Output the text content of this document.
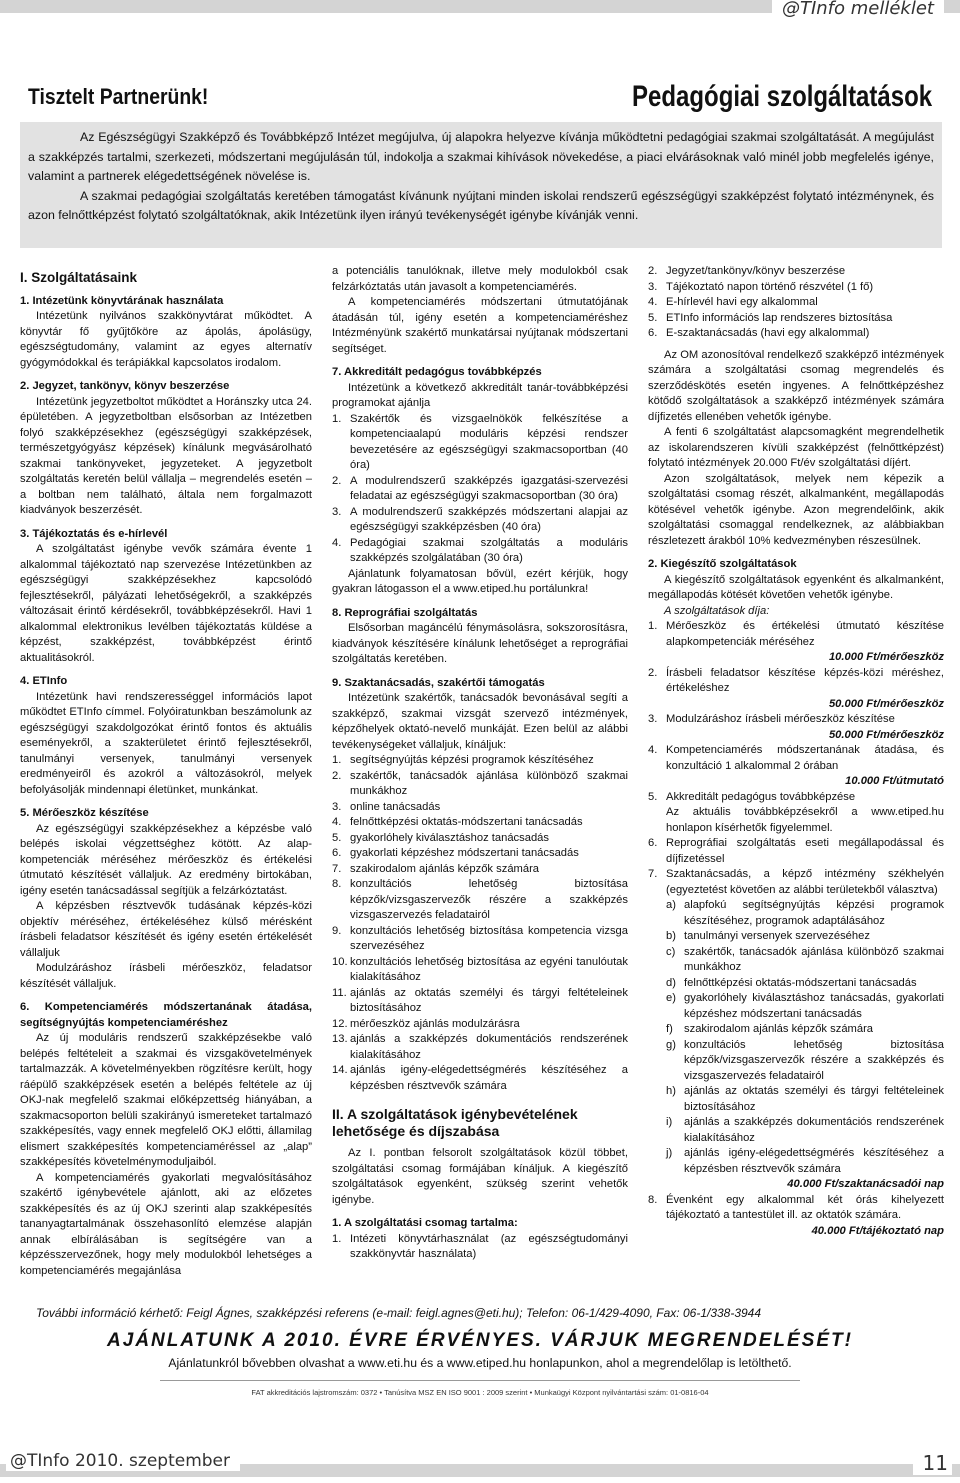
@TInfo melléklet
Tisztelt Partnerünk!	Pedagógiai szolgáltatások

Az Egészségügyi Szakképző és Továbbképző Intézet megújulva, új alapokra helyezve kívánja működtetni pedagógiai szakmai szolgáltatását. A megújulást a szakképzés tartalmi, szerkezeti, módszertani megújulásán túl, indokolja a szakmai kihívások növekedése, a piaci elvárásoknak való minél jobb megfelelés igénye, valamint a partnerek elégedettségének növelése is.

A szakmai pedagógiai szolgáltatás keretében támogatást kívánunk nyújtani minden iskolai rendszerű egészségügyi szakképzést folytató intézménynek, és azon felnőttképzést folytató szolgáltatóknak, akik Intézetünk ilyen irányú tevékenységét igénybe kívánják venni.

I. Szolgáltatásaink

1. Intézetünk könyvtárának használata

Intézetünk nyilvános szakkönyvtárat működtet. A könyvtár fő gyűjtőköre az ápolás, ápolásügy, egészségtudomány, valamint az egyes alternatív gyógymódokkal és terápiákkal kapcsolatos irodalom.

2. Jegyzet, tankönyv, könyv beszerzése

Intézetünk jegyzetboltot működtet a Horánszky utca 24. épületében. A jegyzetboltban elsősorban az Intézetben folyó szakképzésekhez (egészségügyi szakképzések, természetgyógyász képzések) kínálunk megvásárolható szakmai tankönyveket, jegyzeteket. A jegyzetbolt szolgáltatás keretén belül vállalja – megrendelés esetén – a boltban nem található, általa nem forgalmazott kiadványok beszerzését.

3. Tájékoztatás és e-hírlevél

A szolgáltatást igénybe vevők számára évente 1 alkalommal tájékoztató nap szervezése Intézetünkben az egészségügyi szakképzésekhez kapcsolódó fejlesztésekről, pályázati lehetőségekről, a szakképzés változásait érintő kérdésekről, továbbképzésekről. Havi 1 alkalommal elektronikus levélben tájékoztatás küldése a képzést, szakképzést, továbbképzést érintő aktualitásokról.

4. ETInfo

Intézetünk havi rendszerességgel információs lapot működtet ETInfo címmel. Folyóiratunkban beszámolunk az egészségügyi szakdolgozókat érintő fontos és aktuális eseményekről, a szakterületet érintő fejlesztésekről, tanulmányi versenyek, tanulmányi versenyek eredményeiről és azokról a változásokról, melyek befolyásolják mindennapi életünket, munkánkat.

5. Mérőeszköz készítése

Az egészségügyi szakképzésekhez a képzésbe való belépés iskolai végzettséghez kötött. Az alap-kompetenciák méréséhez mérőeszköz és értékelési útmutató készítését vállaljuk. Az eredmény birtokában, igény esetén tanácsadással segítjük a felzárkóztatást.

A képzésben résztvevők tudásának képzés-közi objektív méréséhez, értékeléséhez külső mérésként írásbeli feladatsor készítését és igény esetén értékelését vállaljuk

Modulzáráshoz írásbeli mérőeszköz, feladatsor készítését vállaljuk.

6. Kompetenciamérés módszertanának átadása, segítségnyújtás kompetenciaméréshez

Az új moduláris rendszerű szakképzésekbe való belépés feltételeit a szakmai és vizsgakövetelmények tartalmazzák. A követelményekben rögzítésre került, hogy ráépülő szakképzések esetén a belépés feltétele az új OKJ-nak megfelelő szakmai előképzettség hiányában, a szakmacsoporton belüli szakirányú ismereteket tartalmazó szakképesítés, vagy ennek megfelelő OKJ előtti, államilag elismert szakképesítés kompetenciaméréssel az „alap” szakképesítés követelménymoduljaiból.

A kompetenciamérés gyakorlati megvalósításához szakértő igénybevétele ajánlott, aki az előzetes szakképesítés és az új OKJ szerinti alap szakképesítés tananyagtartalmának összehasonlító elemzése alapján annak elbírálásában is segítségére van a képzésszervezőnek, hogy mely modulokból lehetséges a kompetenciamérés megajánlása

a potenciális tanulóknak, illetve mely modulokból csak felzárkóztatás után javasolt a kompetenciamérés.

A kompetenciamérés módszertani útmutatójának átadásán túl, igény esetén a kompetenciaméréshez Intézményünk szakértő munkatársai nyújtanak módszertani segítséget.

7. Akkreditált pedagógus továbbképzés

Intézetünk a következő akkreditált tanár-továbbképzési programokat ajánlja

1. Szakértők és vizsgaelnökök felkészítése a kompetenciaalapú moduláris képzési rendszer bevezetésére az egészségügyi szakmacsoportban (40 óra)
2. A modulrendszerű szakképzés igazgatási-szervezési feladatai az egészségügyi szakmacsoportban (30 óra)
3. A modulrendszerű szakképzés módszertani alapjai az egészségügyi szakképzésben (40 óra)
4. Pedagógiai szakmai szolgáltatás a moduláris szakképzés szolgálatában (30 óra)

Ajánlatunk folyamatosan bővül, ezért kérjük, hogy gyakran látogasson el a www.etiped.hu portálunkra!

8. Reprográfiai szolgáltatás

Elsősorban magáncélú fénymásolásra, sokszorosításra, kiadványok készítésére kínálunk lehetőséget a reprográfiai szolgáltatás keretében.

9. Szaktanácsadás, szakértői támogatás

Intézetünk szakértők, tanácsadók bevonásával segíti a szakképző, szakmai vizsgát szervező intézmények, képzőhelyek oktató-nevelő munkáját. Ezen belül az alábbi tevékenységeket vállaljuk, kínáljuk:

1. segítségnyújtás képzési programok készítéséhez
2. szakértők, tanácsadók ajánlása különböző szakmai munkákhoz
3. online tanácsadás
4. felnőttképzési oktatás-módszertani tanácsadás
5. gyakorlóhely kiválasztáshoz tanácsadás
6. gyakorlati képzéshez módszertani tanácsadás
7. szakirodalom ajánlás képzők számára
8. konzultációs lehetőség biztosítása képzők/vizsgaszervezők részére a szakképzés vizsgaszervezés feladatairól
9. konzultációs lehetőség biztosítása kompetencia vizsga szervezéséhez
10. konzultációs lehetőség biztosítása az egyéni tanulóutak kialakításához
11. ajánlás az oktatás személyi és tárgyi feltételeinek biztosításához
12. mérőeszköz ajánlás modulzárásra
13. ajánlás a szakképzés dokumentációs rendszerének kialakításához
14. ajánlás igény-elégedettségmérés készítéséhez a képzésben résztvevők számára

II. A szolgáltatások igénybevételének lehetősége és díjszabása

Az I. pontban felsorolt szolgáltatások közül többet, szolgáltatási csomag formájában kínáljuk. A kiegészítő szolgáltatások egyenként, szükség szerint vehetők igénybe.

1. A szolgáltatási csomag tartalma:

1. Intézeti könyvtárhasználat (az egészségtudományi szakkönyvtár használata)
2. Jegyzet/tankönyv/könyv beszerzése
3. Tájékoztató napon történő részvétel (1 fő)
4. E-hírlevél havi egy alkalommal
5. ETInfo információs lap rendszeres biztosítása
6. E-szaktanácsadás (havi egy alkalommal)

Az OM azonosítóval rendelkező szakképző intézmények számára a szolgáltatási csomag megrendelés és szerződéskötés esetén ingyenes. A felnőttképzéshez kötődő szolgáltatások a szakképző intézmények számára díjfizetés ellenében vehetők igénybe.

A fenti 6 szolgáltatást alapcsomagként megrendelhetik az iskolarendszeren kívüli szakképzést (felnőttképzést) folytató intézmények 20.000 Ft/év szolgáltatási díjért.

Azon szolgáltatások, melyek nem képezik a szolgáltatási csomag részét, alkalmanként, megállapodás kötésével vehetők igénybe. Azon megrendelőink, akik szolgáltatási csomaggal rendelkeznek, az alábbiakban részletezett árakból 10% kedvezményben részesülnek.

2. Kiegészítő szolgáltatások

A kiegészítő szolgáltatások egyenként és alkalmanként, megállapodás kötését követően vehetők igénybe.

A szolgáltatások díja:

1. Mérőeszköz és értékelési útmutató készítése alapkompetenciák méréséhez
10.000 Ft/mérőeszköz
2. Írásbeli feladatsor készítése képzés-közi méréshez, értékeléshez
50.000 Ft/mérőeszköz
3. Modulzáráshoz írásbeli mérőeszköz készítése
50.000 Ft/mérőeszköz
4. Kompetenciamérés módszertanának átadása, és konzultáció 1 alkalommal 2 órában
10.000 Ft/útmutató
5. Akkreditált pedagógus továbbképzése

Az aktuális továbbképzésekről a www.etiped.hu honlapon kísérhetők figyelemmel.

6. Reprográfiai szolgáltatás eseti megállapodással és díjfizetéssel
7. Szaktanácsadás, a képző intézmény székhelyén (egyeztetést követően az alábbi területekből választva)
a) alapfokú segítségnyújtás képzési programok készítéséhez, programok adaptálásához
b) tanulmányi versenyek szervezéséhez
c) szakértők, tanácsadók ajánlása különböző szakmai munkákhoz
d) felnőttképzési oktatás-módszertani tanácsadás
e) gyakorlóhely kiválasztáshoz tanácsadás, gyakorlati képzéshez módszertani tanácsadás
f) szakirodalom ajánlás képzők számára
g) konzultációs lehetőség biztosítása képzők/vizsgaszervezők részére a szakképzés és vizsgaszervezés feladatairól
h) ajánlás az oktatás személyi és tárgyi feltételeinek biztosításához
i) ajánlás a szakképzés dokumentációs rendszerének kialakításához
j) ajánlás igény-elégedettségmérés készítéséhez a képzésben résztvevők számára

40.000 Ft/szaktanácsadói nap

8. Évenként egy alkalommal két órás kihelyezett tájékoztató a tantestület ill. az oktatók számára.

40.000 Ft/tájékoztató nap

További információ kérhető: Feigl Ágnes, szakképzési referens (e-mail: feigl.agnes@eti.hu); Telefon: 06-1/429-4090, Fax: 06-1/338-3944
AJÁNLATUNK A 2010. ÉVRE ÉRVÉNYES. VÁRJUK MEGRENDELÉSÉT!
Ajánlatunkról bővebben olvashat a www.eti.hu és a www.etiped.hu honlapunkon, ahol a megrendelőlap is letölthető.
FAT akkreditációs lajstromszám: 0372 • Tanúsítva MSZ EN ISO 9001 : 2009 szerint • Munkaügyi Központ nyilvántartási szám: 01-0816-04
@TInfo 2010. szeptember	11
